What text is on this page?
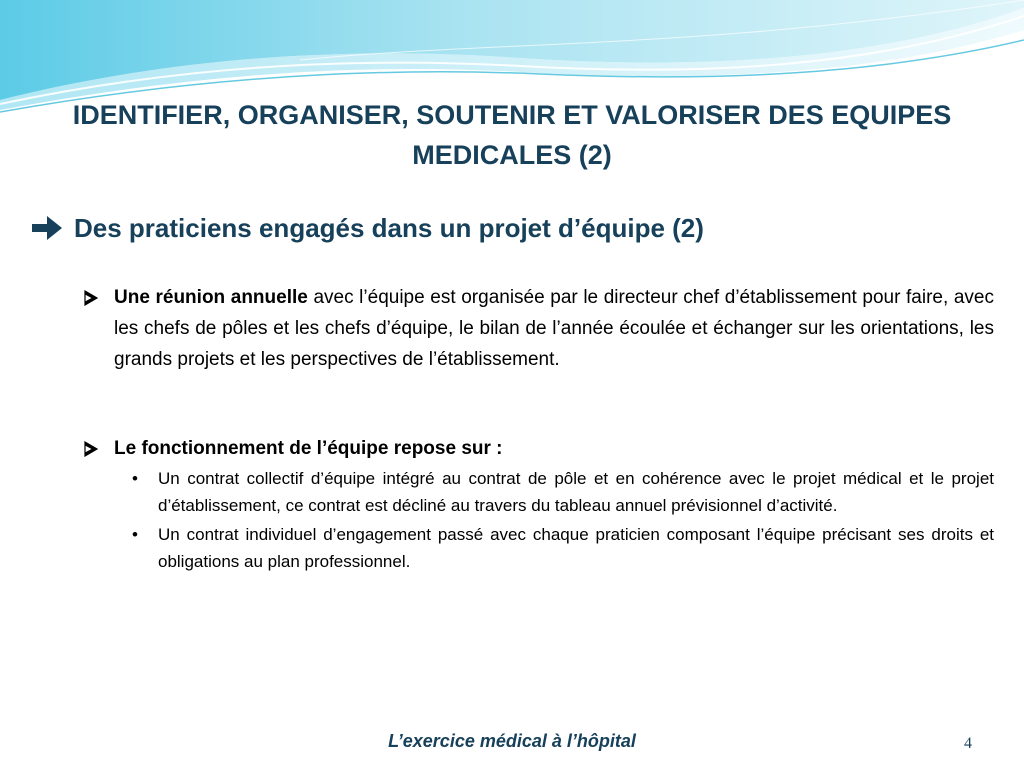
IDENTIFIER, ORGANISER, SOUTENIR ET VALORISER DES EQUIPES MEDICALES (2)
Des praticiens engagés dans un projet d’équipe (2)
Une réunion annuelle avec l’équipe est organisée par le directeur chef d’établissement pour faire, avec les chefs de pôles et les chefs d’équipe, le bilan de l’année écoulée et échanger sur les orientations, les grands projets et les perspectives de l’établissement.
Le fonctionnement de l’équipe repose sur :
• Un contrat collectif d’équipe intégré au contrat de pôle et en cohérence avec le projet médical et le projet d’établissement, ce contrat est décliné au travers du tableau annuel prévisionnel d’activité.
• Un contrat individuel d’engagement passé avec chaque praticien composant l’équipe précisant ses droits et obligations au plan professionnel.
L’exercice médical à l’hôpital	4
